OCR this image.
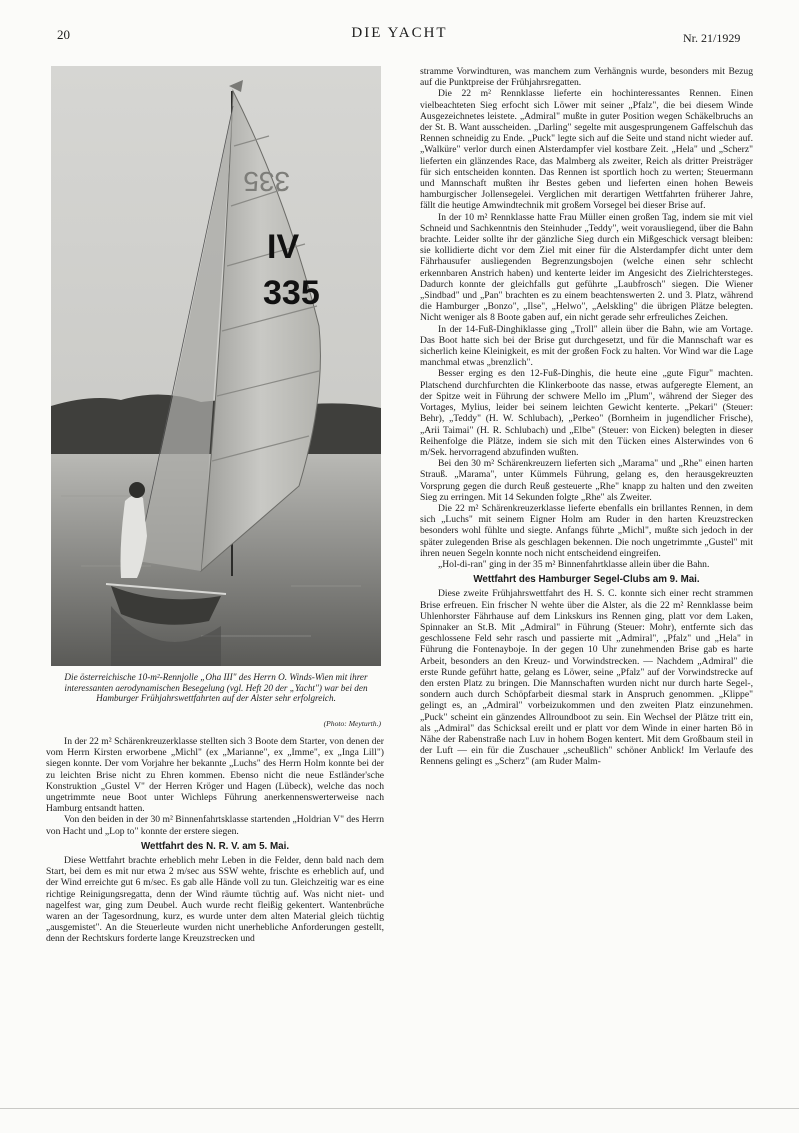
20	DIE YACHT	Nr. 21/1929
335
IV
335
Die österreichische 10-m²-Rennjolle „Oha III" des Herrn O. Winds-Wien mit ihrer interessanten aerodynamischen Besegelung (vgl. Heft 20 der „Yacht") war bei den Hamburger Frühjahrswettfahrten auf der Alster sehr erfolgreich.
(Photo: Meyturth.)

In der 22 m² Schärenkreuzerklasse stellten sich 3 Boote dem Starter, von denen der vom Herrn Kirsten erworbene „Michl" (ex „Marianne", ex „Imme", ex „Inga Lill") siegen konnte. Der vom Vorjahre her bekannte „Luchs" des Herrn Holm konnte bei der zu leichten Brise nicht zu Ehren kommen. Ebenso nicht die neue Estländer'sche Konstruktion „Gustel V" der Herren Kröger und Hagen (Lübeck), welche das noch ungetrimmte neue Boot unter Wichleps Führung anerkennenswerterweise nach Hamburg entsandt hatten.

Von den beiden in der 30 m² Binnenfahrtsklasse startenden „Holdrian V" des Herrn von Hacht und „Lop to" konnte der erstere siegen.

Wettfahrt des N. R. V. am 5. Mai.

Diese Wettfahrt brachte erheblich mehr Leben in die Felder, denn bald nach dem Start, bei dem es mit nur etwa 2 m/sec aus SSW wehte, frischte es erheblich auf, und der Wind erreichte gut 6 m/sec. Es gab alle Hände voll zu tun. Gleichzeitig war es eine richtige Reinigungsregatta, denn der Wind räumte tüchtig auf. Was nicht niet- und nagelfest war, ging zum Deubel. Auch wurde recht fleißig gekentert. Wantenbrüche waren an der Tagesordnung, kurz, es wurde unter dem alten Material gleich tüchtig „ausgemistet". An die Steuerleute wurden nicht unerhebliche Anforderungen gestellt, denn der Rechtskurs forderte lange Kreuzstrecken und

stramme Vorwindturen, was manchem zum Verhängnis wurde, besonders mit Bezug auf die Punktpreise der Frühjahrsregatten.

Die 22 m² Rennklasse lieferte ein hochinteressantes Rennen. Einen vielbeachteten Sieg erfocht sich Löwer mit seiner „Pfalz", die bei diesem Winde Ausgezeichnetes leistete. „Admiral" mußte in guter Position wegen Schäkelbruchs an der St. B. Want ausscheiden. „Darling" segelte mit ausgesprungenem Gaffelschuh das Rennen schneidig zu Ende. „Puck" legte sich auf die Seite und stand nicht wieder auf. „Walküre" verlor durch einen Alsterdampfer viel kostbare Zeit. „Hela" und „Scherz" lieferten ein glänzendes Race, das Malmberg als zweiter, Reich als dritter Preisträger für sich entscheiden konnten. Das Rennen ist sportlich hoch zu werten; Steuermann und Mannschaft mußten ihr Bestes geben und lieferten einen hohen Beweis hamburgischer Jollensegelei. Verglichen mit derartigen Wettfahrten früherer Jahre, fällt die heutige Amwindtechnik mit großem Vorsegel bei dieser Brise auf.

In der 10 m² Rennklasse hatte Frau Müller einen großen Tag, indem sie mit viel Schneid und Sachkenntnis den Steinhuder „Teddy", weit vorausliegend, über die Bahn brachte. Leider sollte ihr der gänzliche Sieg durch ein Mißgeschick versagt bleiben: sie kollidierte dicht vor dem Ziel mit einer für die Alsterdampfer dicht unter dem Fährhausufer ausliegenden Begrenzungsbojen (welche einen sehr schlecht erkennbaren Anstrich haben) und kenterte leider im Angesicht des Zielrichtersteges. Dadurch konnte der gleichfalls gut geführte „Laubfrosch" siegen. Die Wiener „Sindbad" und „Pan" brachten es zu einem beachtenswerten 2. und 3. Platz, während die Hamburger „Bonzo", „Ilse", „Helwo", „Aelskling" die übrigen Plätze belegten. Nicht weniger als 8 Boote gaben auf, ein nicht gerade sehr erfreuliches Zeichen.

In der 14-Fuß-Dinghiklasse ging „Troll" allein über die Bahn, wie am Vortage. Das Boot hatte sich bei der Brise gut durchgesetzt, und für die Mannschaft war es sicherlich keine Kleinigkeit, es mit der großen Fock zu halten. Vor Wind war die Lage manchmal etwas „brenzlich".

Besser erging es den 12-Fuß-Dinghis, die heute eine „gute Figur" machten. Platschend durchfurchten die Klinkerboote das nasse, etwas aufgeregte Element, an der Spitze weit in Führung der schwere Mello im „Plum", während der Sieger des Vortages, Mylius, leider bei seinem leichten Gewicht kenterte. „Pekari" (Steuer: Behr), „Teddy" (H. W. Schlubach), „Perkeo" (Bornheim in jugendlicher Frische), „Arii Taimai" (H. R. Schlubach) und „Elbe" (Steuer: von Eicken) belegten in dieser Reihenfolge die Plätze, indem sie sich mit den Tücken eines Alsterwindes von 6 m/Sek. hervorragend abzufinden wußten.

Bei den 30 m² Schärenkreuzern lieferten sich „Marama" und „Rhe" einen harten Strauß. „Marama", unter Kümmels Führung, gelang es, den herausgekreuzten Vorsprung gegen die durch Reuß gesteuerte „Rhe" knapp zu halten und den zweiten Sieg zu erringen. Mit 14 Sekunden folgte „Rhe" als Zweiter.

Die 22 m² Schärenkreuzerklasse lieferte ebenfalls ein brillantes Rennen, in dem sich „Luchs" mit seinem Eigner Holm am Ruder in den harten Kreuzstrecken besonders wohl fühlte und siegte. Anfangs führte „Michl", mußte sich jedoch in der später zulegenden Brise als geschlagen bekennen. Die noch ungetrimmte „Gustel" mit ihren neuen Segeln konnte noch nicht entscheidend eingreifen.

„Hol-di-ran" ging in der 35 m² Binnenfahrtklasse allein über die Bahn.

Wettfahrt des Hamburger Segel-Clubs am 9. Mai.

Diese zweite Frühjahrswettfahrt des H. S. C. konnte sich einer recht strammen Brise erfreuen. Ein frischer N wehte über die Alster, als die 22 m² Rennklasse beim Uhlenhorster Fährhause auf dem Linkskurs ins Rennen ging, platt vor dem Laken, Spinnaker an St.B. Mit „Admiral" in Führung (Steuer: Mohr), entfernte sich das geschlossene Feld sehr rasch und passierte mit „Admiral", „Pfalz" und „Hela" in Führung die Fontenayboje. In der gegen 10 Uhr zunehmenden Brise gab es harte Arbeit, besonders an den Kreuz- und Vorwindstrecken. — Nachdem „Admiral" die erste Runde geführt hatte, gelang es Löwer, seine „Pfalz" auf der Vorwindstrecke auf den ersten Platz zu bringen. Die Mannschaften wurden nicht nur durch harte Segel-, sondern auch durch Schöpfarbeit diesmal stark in Anspruch genommen. „Klippe" gelingt es, an „Admiral" vorbeizukommen und den zweiten Platz einzunehmen. „Puck" scheint ein gänzendes Allroundboot zu sein. Ein Wechsel der Plätze tritt ein, als „Admiral" das Schicksal ereilt und er platt vor dem Winde in einer harten Bö in Nähe der Rabenstraße nach Luv in hohem Bogen kentert. Mit dem Großbaum steil in der Luft — ein für die Zuschauer „scheußlich" schöner Anblick! Im Verlaufe des Rennens gelingt es „Scherz" (am Ruder Malm-
